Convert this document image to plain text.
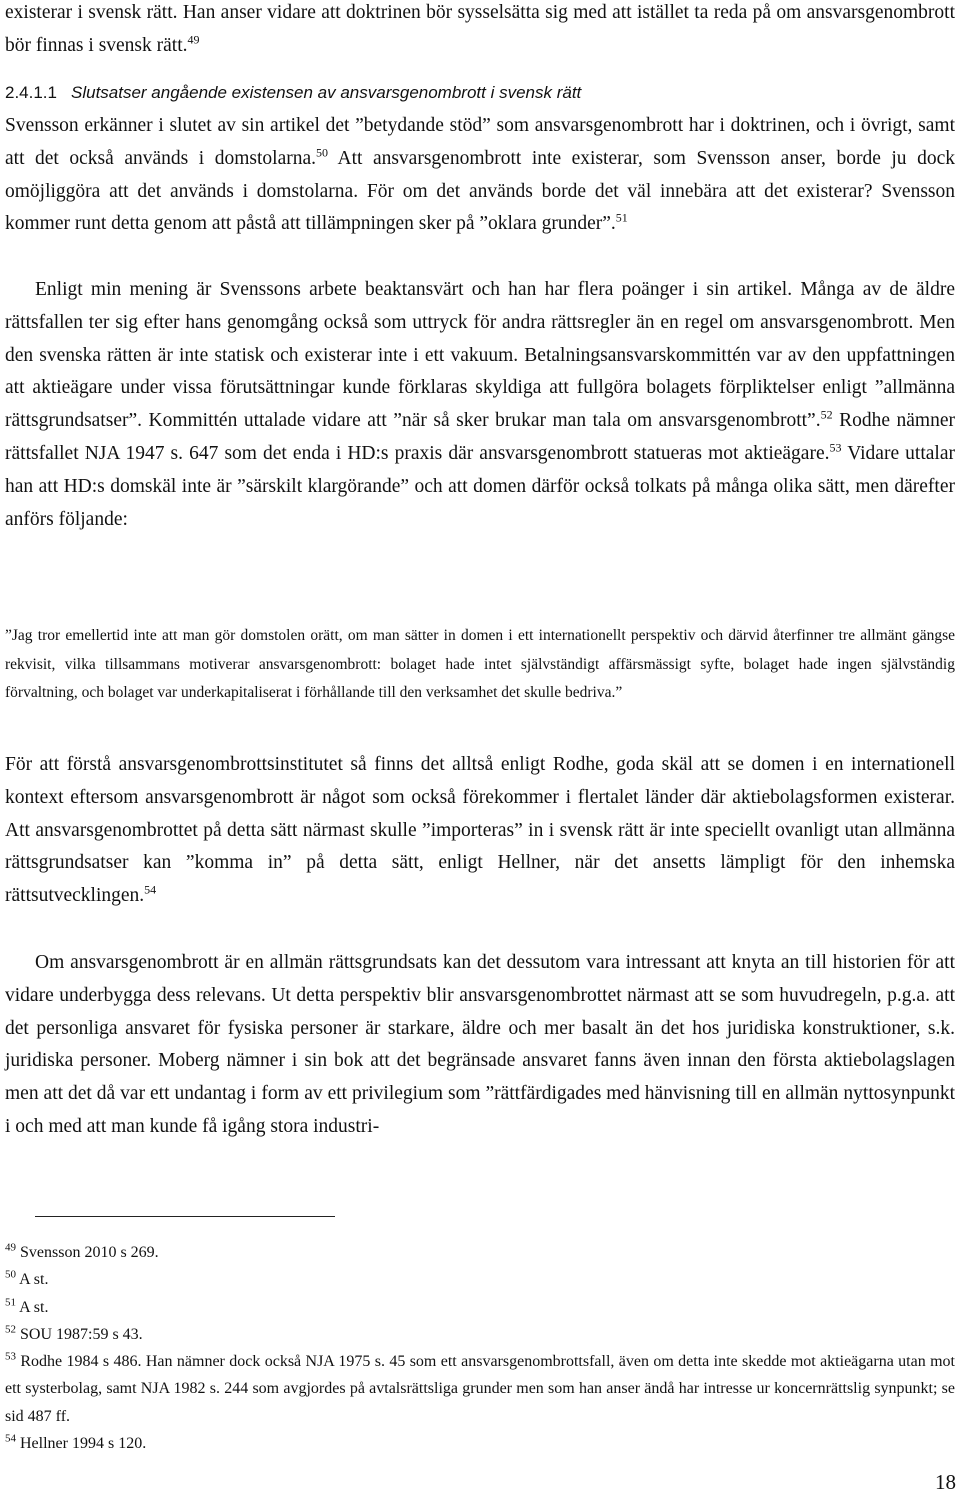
existerar i svensk rätt. Han anser vidare att doktrinen bör sysselsätta sig med att istället ta reda på om ansvarsgenombrott bör finnas i svensk rätt.$^{49}$

2.4.1.1 Slutsatser angående existensen av ansvarsgenombrott i svensk rätt

Svensson erkänner i slutet av sin artikel det ”betydande stöd” som ansvarsgenombrott har i doktrinen, och i övrigt, samt att det också används i domstolarna.$^{50}$ Att ansvarsgenombrott inte existerar, som Svensson anser, borde ju dock omöjliggöra att det används i domstolarna. För om det används borde det väl innebära att det existerar? Svensson kommer runt detta genom att påstå att tillämpningen sker på ”oklara grunder”.$^{51}$

Enligt min mening är Svenssons arbete beaktansvärt och han har flera poänger i sin artikel. Många av de äldre rättsfallen ter sig efter hans genomgång också som uttryck för andra rättsregler än en regel om ansvarsgenombrott. Men den svenska rätten är inte statisk och existerar inte i ett vakuum. Betalningsansvarskommittén var av den uppfattningen att aktieägare under vissa förutsättningar kunde förklaras skyldiga att fullgöra bolagets förpliktelser enligt ”allmänna rättsgrundsatser”. Kommittén uttalade vidare att ”när så sker brukar man tala om ansvarsgenombrott”.$^{52}$ Rodhe nämner rättsfallet NJA 1947 s. 647 som det enda i HD:s praxis där ansvarsgenombrott statueras mot aktieägare.$^{53}$ Vidare uttalar han att HD:s domskäl inte är ”särskilt klargörande” och att domen därför också tolkats på många olika sätt, men därefter anförs följande:

”Jag tror emellertid inte att man gör domstolen orätt, om man sätter in domen i ett internationellt perspektiv och därvid återfinner tre allmänt gängse rekvisit, vilka tillsammans motiverar ansvarsgenombrott: bolaget hade intet självständigt affärsmässigt syfte, bolaget hade ingen självständig förvaltning, och bolaget var underkapitaliserat i förhållande till den verksamhet det skulle bedriva.”

För att förstå ansvarsgenombrottsinstitutet så finns det alltså enligt Rodhe, goda skäl att se domen i en internationell kontext eftersom ansvarsgenombrott är något som också förekommer i flertalet länder där aktiebolagsformen existerar. Att ansvarsgenombrottet på detta sätt närmast skulle ”importeras” in i svensk rätt är inte speciellt ovanligt utan allmänna rättsgrundsatser kan ”komma in” på detta sätt, enligt Hellner, när det ansetts lämpligt för den inhemska rättsutvecklingen.$^{54}$

Om ansvarsgenombrott är en allmän rättsgrundsats kan det dessutom vara intressant att knyta an till historien för att vidare underbygga dess relevans. Ut detta perspektiv blir ansvarsgenombrottet närmast att se som huvudregeln, p.g.a. att det personliga ansvaret för fysiska personer är starkare, äldre och mer basalt än det hos juridiska konstruktioner, s.k. juridiska personer. Moberg nämner i sin bok att det begränsade ansvaret fanns även innan den första aktiebolagslagen men att det då var ett undantag i form av ett privilegium som ”rättfärdigades med hänvisning till en allmän nyttosynpunkt i och med att man kunde få igång stora industri-

$^{49}$ Svensson 2010 s 269.

$^{50}$ A st.

$^{51}$ A st.

$^{52}$ SOU 1987:59 s 43.

$^{53}$ Rodhe 1984 s 486. Han nämner dock också NJA 1975 s. 45 som ett ansvarsgenombrottsfall, även om detta inte skedde mot aktieägarna utan mot ett systerbolag, samt NJA 1982 s. 244 som avgjordes på avtalsrättsliga grunder men som han anser ändå har intresse ur koncernrättslig synpunkt; se sid 487 ff.

$^{54}$ Hellner 1994 s 120.

18
